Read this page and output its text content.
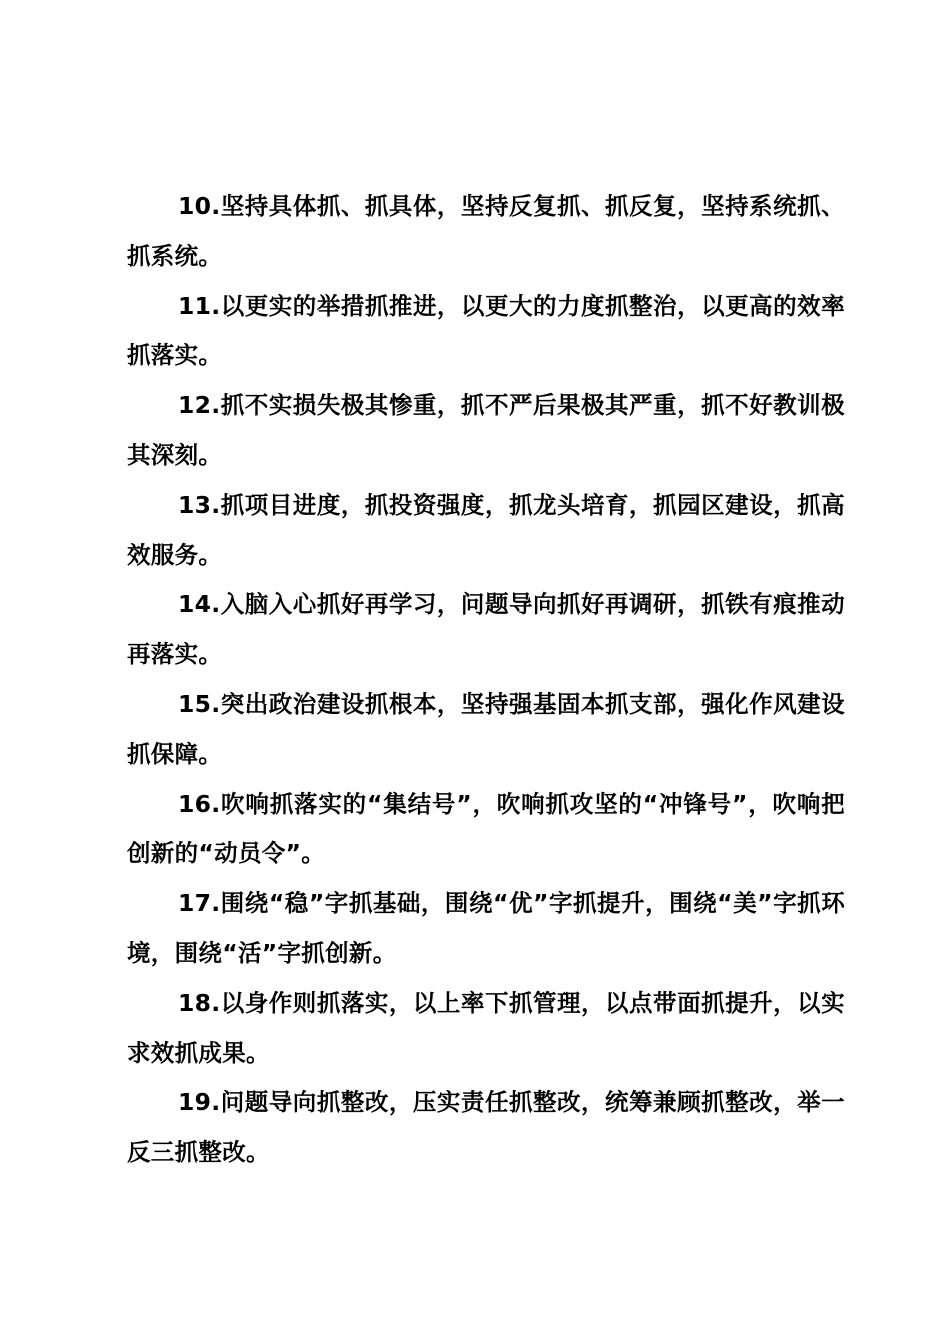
10.坚持具体抓、抓具体，坚持反复抓、抓反复，坚持系统抓、抓系统。

11.以更实的举措抓推进，以更大的力度抓整治，以更高的效率抓落实。

12.抓不实损失极其惨重，抓不严后果极其严重，抓不好教训极其深刻。

13.抓项目进度，抓投资强度，抓龙头培育，抓园区建设，抓高效服务。

14.入脑入心抓好再学习，问题导向抓好再调研，抓铁有痕推动再落实。

15.突出政治建设抓根本，坚持强基固本抓支部，强化作风建设抓保障。

16.吹响抓落实的“集结号”，吹响抓攻坚的“冲锋号”，吹响把创新的“动员令”。

17.围绕“稳”字抓基础，围绕“优”字抓提升，围绕“美”字抓环境，围绕“活”字抓创新。

18.以身作则抓落实，以上率下抓管理，以点带面抓提升，以实求效抓成果。

19.问题导向抓整改，压实责任抓整改，统筹兼顾抓整改，举一反三抓整改。
